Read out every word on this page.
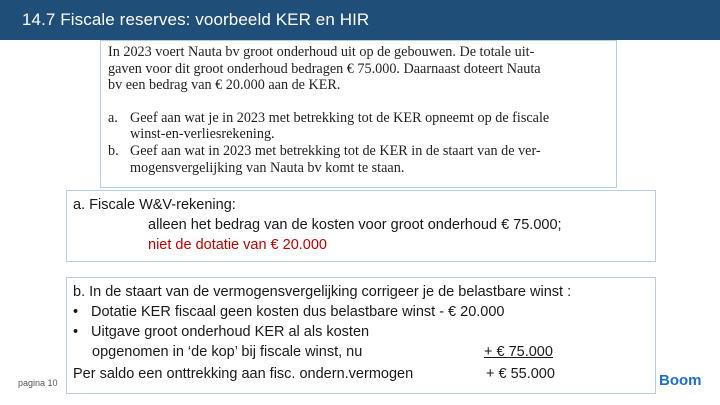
14.7 Fiscale reserves: voorbeeld KER en HIR
In 2023 voert Nauta bv groot onderhoud uit op de gebouwen. De totale uit-
gaven voor dit groot onderhoud bedragen € 75.000. Daarnaast doteert Nauta
bv een bedrag van € 20.000 aan de KER.
a. Geef aan wat je in 2023 met betrekking tot de KER opneemt op de fiscale
winst-en-verliesrekening.
b. Geef aan wat in 2023 met betrekking tot de KER in de staart van de ver-
mogensvergelijking van Nauta bv komt te staan.
a. Fiscale W&V-rekening:
alleen het bedrag van de kosten voor groot onderhoud € 75.000;
niet de dotatie van € 20.000
b. In de staart van de vermogensvergelijking corrigeer je de belastbare winst :
• Dotatie KER fiscaal geen kosten dus belastbare winst - € 20.000
• Uitgave groot onderhoud KER al als kosten
opgenomen in ‘de kop’ bij fiscale winst, nu	+ € 75.000
Per saldo een onttrekking aan fisc. ondern.vermogen	+ € 55.000
pagina 10	Boom
